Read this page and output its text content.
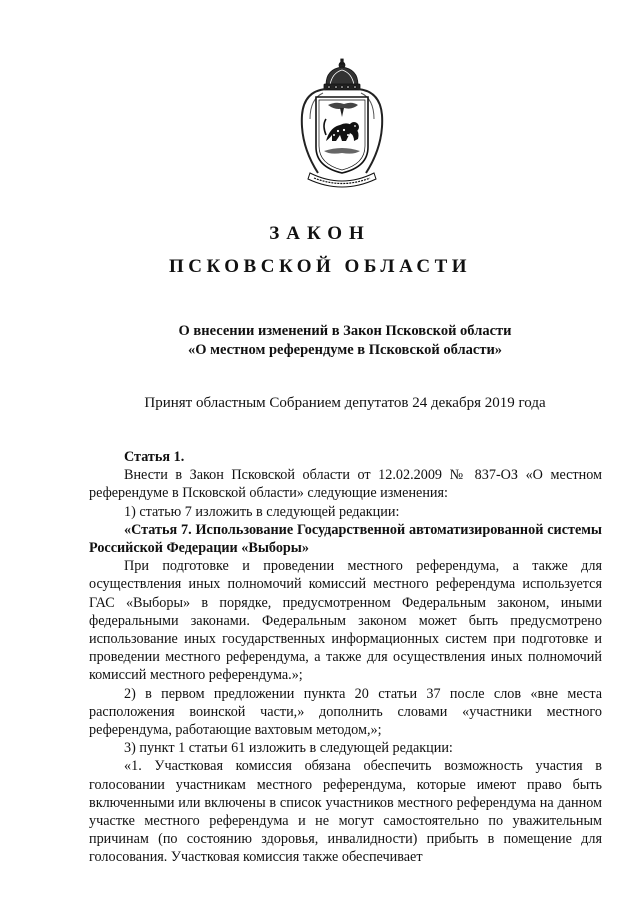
ЗАКОН
ПСКОВСКОЙ ОБЛАСТИ
О внесении изменений в Закон Псковской области
«О местном референдуме в Псковской области»
Принят областным Собранием депутатов 24 декабря 2019 года

Статья 1.

Внести в Закон Псковской области от 12.02.2009 № 837-ОЗ «О местном референдуме в Псковской области» следующие изменения:

1) статью 7 изложить в следующей редакции:

«Статья 7. Использование Государственной автоматизированной системы Российской Федерации «Выборы»

При подготовке и проведении местного референдума, а также для осуществления иных полномочий комиссий местного референдума используется ГАС «Выборы» в порядке, предусмотренном Федеральным законом, иными федеральными законами. Федеральным законом может быть предусмотрено использование иных государственных информационных систем при подготовке и проведении местного референдума, а также для осуществления иных полномочий комиссий местного референдума.»;

2) в первом предложении пункта 20 статьи 37 после слов «вне места расположения воинской части,» дополнить словами «участники местного референдума, работающие вахтовым методом,»;

3) пункт 1 статьи 61 изложить в следующей редакции:

«1. Участковая комиссия обязана обеспечить возможность участия в голосовании участникам местного референдума, которые имеют право быть включенными или включены в список участников местного референдума на данном участке местного референдума и не могут самостоятельно по уважительным причинам (по состоянию здоровья, инвалидности) прибыть в помещение для голосования. Участковая комиссия также обеспечивает
